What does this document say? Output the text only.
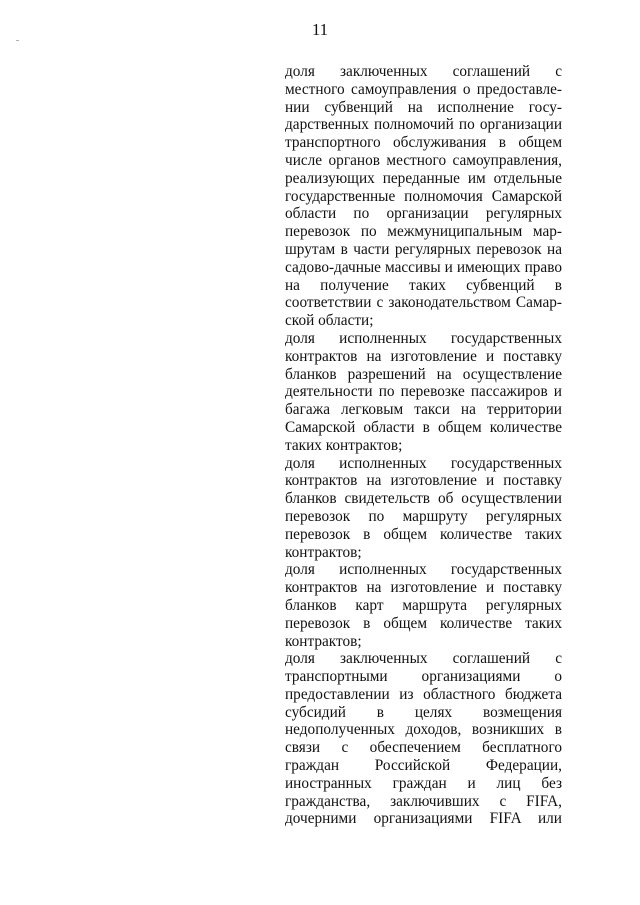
11
доля заключенных соглашений с
местного самоуправления о предоставле-
нии субвенций на исполнение госу-
дарственных полномочий по организации
транспортного обслуживания в общем
числе органов местного самоуправления,
реализующих переданные им отдельные
государственные полномочия Самарской
области по организации регулярных
перевозок по межмуниципальным мар-
шрутам в части регулярных перевозок на
садово-дачные массивы и имеющих право
на получение таких субвенций в
соответствии с законодательством Самар-
ской области;
доля исполненных государственных
контрактов на изготовление и поставку
бланков разрешений на осуществление
деятельности по перевозке пассажиров и
багажа легковым такси на территории
Самарской области в общем количестве
таких контрактов;
доля исполненных государственных
контрактов на изготовление и поставку
бланков свидетельств об осуществлении
перевозок по маршруту регулярных
перевозок в общем количестве таких
контрактов;
доля исполненных государственных
контрактов на изготовление и поставку
бланков карт маршрута регулярных
перевозок в общем количестве таких
контрактов;
доля заключенных соглашений с
транспортными организациями о
предоставлении из областного бюджета
субсидий в целях возмещения
недополученных доходов, возникших в
связи с обеспечением бесплатного
граждан Российской Федерации,
иностранных граждан и лиц без
гражданства, заключивших с FIFA,
дочерними организациями FIFA или
